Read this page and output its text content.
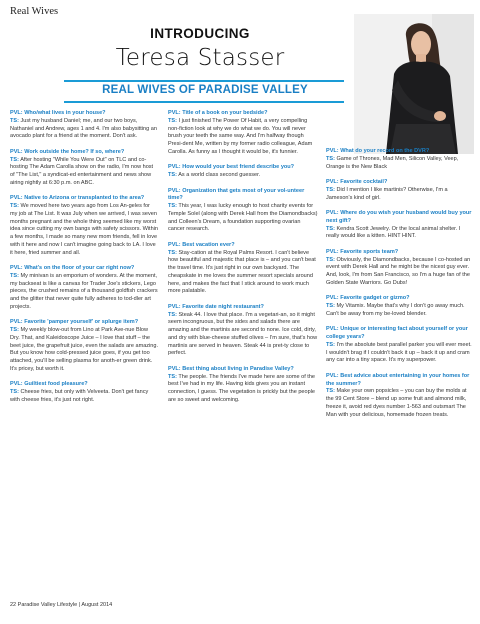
Real Wives
INTRODUCING
Teresa Stasser
REAL WIVES OF PARADISE VALLEY
PVL: Who/what lives in your house?
TS: Just my husband Daniel; me, and our two boys, Nathaniel and Andrew, ages 1 and 4. I'm also babysitting an avocado plant for a friend at the moment. Don't ask.
PVL: Work outside the home? If so, where?
TS: After hosting "While You Were Out" on TLC and co-hosting The Adam Carolla show on the radio, I'm now host of "The List," a syndicat-ed entertainment and news show airing nightly at 6:30 p.m. on ABC.
PVL: Native to Arizona or transplanted to the area?
TS: We moved here two years ago from Los An-geles for my job at The List. It was July when we arrived, I was seven months pregnant and the whole thing seemed like my worst idea since cutting my own bangs with safety scissors. Within a few months, I made so many new mom friends, fell in love with it here and now I can't imagine going back to LA. I love it here, fried summer and all.
PVL: What's on the floor of your car right now?
TS: My minivan is an emporium of wonders. At the moment, my backseat is like a canvas for Trader Joe's stickers, Lego pieces, the crushed remains of a thousand goldfish crackers and the glitter that never quite fully adheres to tod-dler art projects.
PVL: Favorite 'pamper yourself' or splurge item?
TS: My weekly blow-out from Lino at Park Ave-nue Blow Dry. That, and Kaleidoscope Juice – I love that stuff – the beet juice, the grapefruit juice, even the salads are amazing. But you know how cold-pressed juice goes, if you get too attached, you'll be selling plasma for anoth-er green drink. It's pricey, but worth it.
PVL: Guiltiest food pleasure?
TS: Cheese fries, but only with Velveeta. Don't get fancy with cheese fries, it's just not right.
PVL: Title of a book on your bedside?
TS: I just finished The Power Of Habit, a very compelling non-fiction look at why we do what we do. You will never brush your teeth the same way. And I'm halfway though Presi-dent Me, written by my former radio colleague, Adam Carolla. As funny as I thought it would be, it's funnier.
PVL: How would your best friend describe you?
TS: As a world class second guesser.
PVL: Organization that gets most of your vol-unteer time?
TS: This year, I was lucky enough to host charity events for Temple Solel (along with Derek Hall from the Diamondbacks) and Colleen's Dream, a foundation supporting ovarian cancer research.
PVL: Best vacation ever?
TS: Stay-cation at the Royal Palms Resort. I can't believe how beautiful and majestic that place is – and you can't beat the travel time. It's just right in our own backyard. The cheapskate in me loves the summer resort specials around here, and makes the fact that I stick around to work much more palatable.
PVL: Favorite date night restaurant?
TS: Steak 44. I love that place. I'm a vegetari-an, so it might seem incongruous, but the sides and salads there are amazing and the martinis are second to none. Ice cold, dirty, and dry with blue-cheese stuffed olives – I'm sure, that's how martinis are served in heaven. Steak 44 is pret-ty close to perfect.
PVL: Best thing about living in Paradise Valley?
TS: The people. The friends I've made here are some of the best I've had in my life. Having kids gives you an instant connection, I guess. The vegetation is prickly but the people are so sweet and welcoming.
PVL: What do your record on the DVR?
TS: Game of Thrones, Mad Men, Silicon Valley, Veep, Orange is the New Black
PVL: Favorite cocktail?
TS: Did I mention I like martinis? Otherwise, I'm a Jameson's kind of girl.
PVL: Where do you wish your husband would buy your next gift?
TS: Kendra Scott Jewelry. Or the local animal shelter. I really would like a kitten. HINT HINT.
PVL: Favorite sports team?
TS: Obviously, the Diamondbacks, because I co-hosted an event with Derek Hall and he might be the nicest guy ever. And, look, I'm from San Francisco, so I'm a huge fan of the Golden State Warriors. Go Dubs!
PVL: Favorite gadget or gizmo?
TS: My Vitamix. Maybe that's why I don't go away much. Can't be away from my be-loved blender.
PVL: Unique or interesting fact about yourself or your college years?
TS: I'm the absolute best parallel parker you will ever meet. I wouldn't brag if I couldn't back it up – back it up and cram any car into a tiny space. It's my superpower.
PVL: Best advice about entertaining in your homes for the summer?
TS: Make your own popsicles – you can buy the molds at the 99 Cent Store – blend up some fruit and almond milk, freeze it, avoid red dyes number 1-563 and outsmart The Man with your delicious, homemade frozen treats.
22 Paradise Valley Lifestyle | August 2014
